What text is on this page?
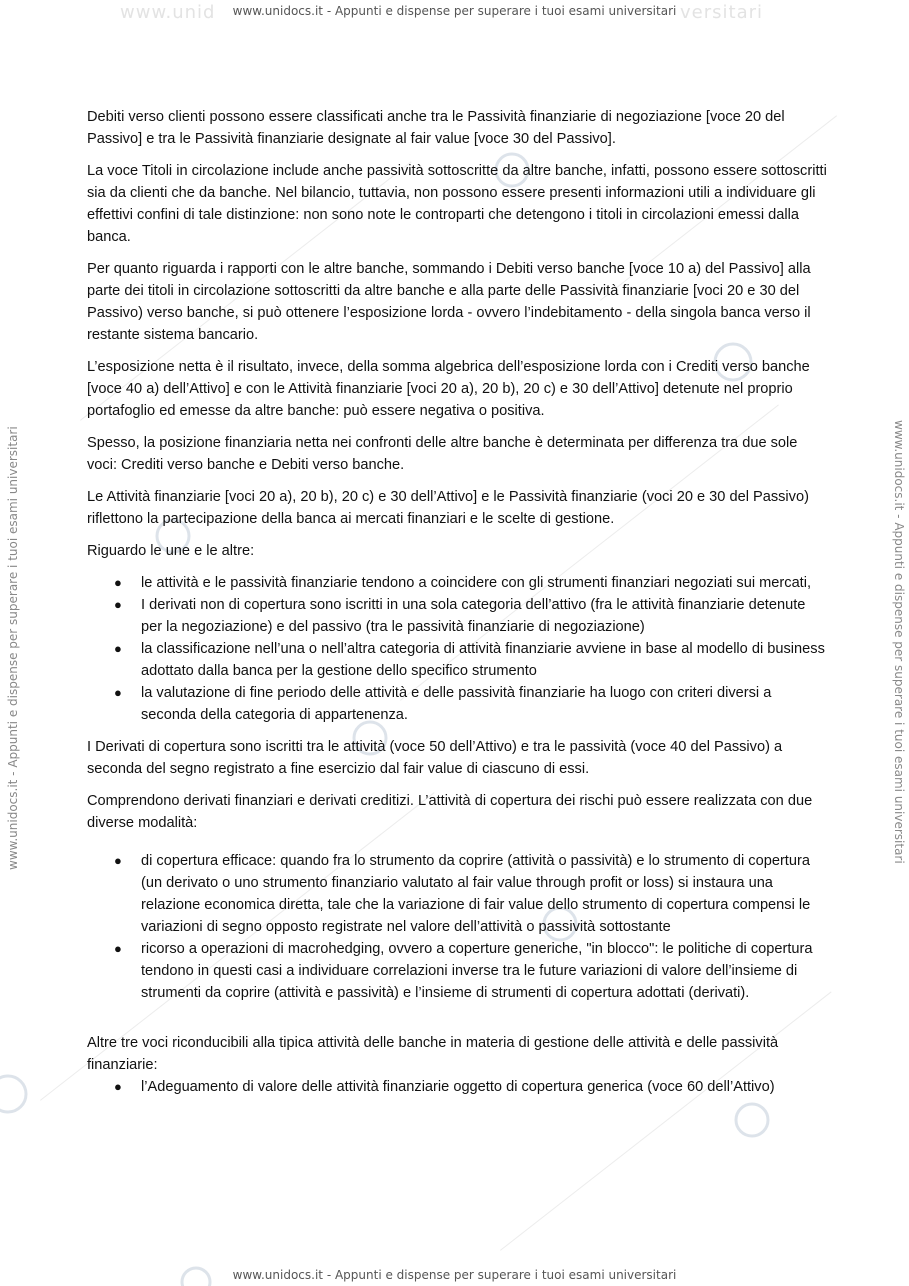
www.unidocs.it - Appunti e dispense per superare i tuoi esami universitari
www.unid	versitari
www.unidocs.it - Appunti e dispense per superare i tuoi esami universitari	www.unidocs.it - Appunti e dispense per superare i tuoi esami universitari

Debiti verso clienti possono essere classificati anche tra le Passività finanziarie di negoziazione [voce 20 del Passivo] e tra le Passività finanziarie designate al fair value [voce 30 del Passivo].

La voce Titoli in circolazione include anche passività sottoscritte da altre banche, infatti, possono essere sottoscritti sia da clienti che da banche. Nel bilancio, tuttavia, non possono essere presenti informazioni utili a individuare gli effettivi confini di tale distinzione: non sono note le controparti che detengono i titoli in circolazioni emessi dalla banca.

Per quanto riguarda i rapporti con le altre banche, sommando i Debiti verso banche [voce 10 a) del Passivo] alla parte dei titoli in circolazione sottoscritti da altre banche e alla parte delle Passività finanziarie [voci 20 e 30 del Passivo) verso banche, si può ottenere l’esposizione lorda - ovvero l’indebitamento - della singola banca verso il restante sistema bancario.

L’esposizione netta è il risultato, invece, della somma algebrica dell’esposizione lorda con i Crediti verso banche [voce 40 a) dell’Attivo] e con le Attività finanziarie [voci 20 a), 20 b), 20 c) e 30 dell’Attivo] detenute nel proprio portafoglio ed emesse da altre banche: può essere negativa o positiva.

Spesso, la posizione finanziaria netta nei confronti delle altre banche è determinata per differenza tra due sole voci: Crediti verso banche e Debiti verso banche.

Le Attività finanziarie [voci 20 a), 20 b), 20 c) e 30 dell’Attivo] e le Passività finanziarie (voci 20 e 30 del Passivo) riflettono la partecipazione della banca ai mercati finanziari e le scelte di gestione.

Riguardo le une e le altre:

● le attività e le passività finanziarie tendono a coincidere con gli strumenti finanziari negoziati sui mercati,
● I derivati non di copertura sono iscritti in una sola categoria dell’attivo (fra le attività finanziarie detenute per la negoziazione) e del passivo (tra le passività finanziarie di negoziazione)
● la classificazione nell’una o nell’altra categoria di attività finanziarie avviene in base al modello di business adottato dalla banca per la gestione dello specifico strumento
● la valutazione di fine periodo delle attività e delle passività finanziarie ha luogo con criteri diversi a seconda della categoria di appartenenza.

I Derivati di copertura sono iscritti tra le attività (voce 50 dell’Attivo) e tra le passività (voce 40 del Passivo) a seconda del segno registrato a fine esercizio dal fair value di ciascuno di essi.

Comprendono derivati finanziari e derivati creditizi. L’attività di copertura dei rischi può essere realizzata con due diverse modalità:

● di copertura efficace: quando fra lo strumento da coprire (attività o passività) e lo strumento di copertura (un derivato o uno strumento finanziario valutato al fair value through profit or loss) si instaura una relazione economica diretta, tale che la variazione di fair value dello strumento di copertura compensi le variazioni di segno opposto registrate nel valore dell’attività o passività sottostante
● ricorso a operazioni di macrohedging, ovvero a coperture generiche, "in blocco": le politiche di copertura tendono in questi casi a individuare correlazioni inverse tra le future variazioni di valore dell’insieme di strumenti da coprire (attività e passività) e l’insieme di strumenti di copertura adottati (derivati).

Altre tre voci riconducibili alla tipica attività delle banche in materia di gestione delle attività e delle passività finanziarie:

● l’Adeguamento di valore delle attività finanziarie oggetto di copertura generica (voce 60 dell’Attivo)
www.unidocs.it - Appunti e dispense per superare i tuoi esami universitari
